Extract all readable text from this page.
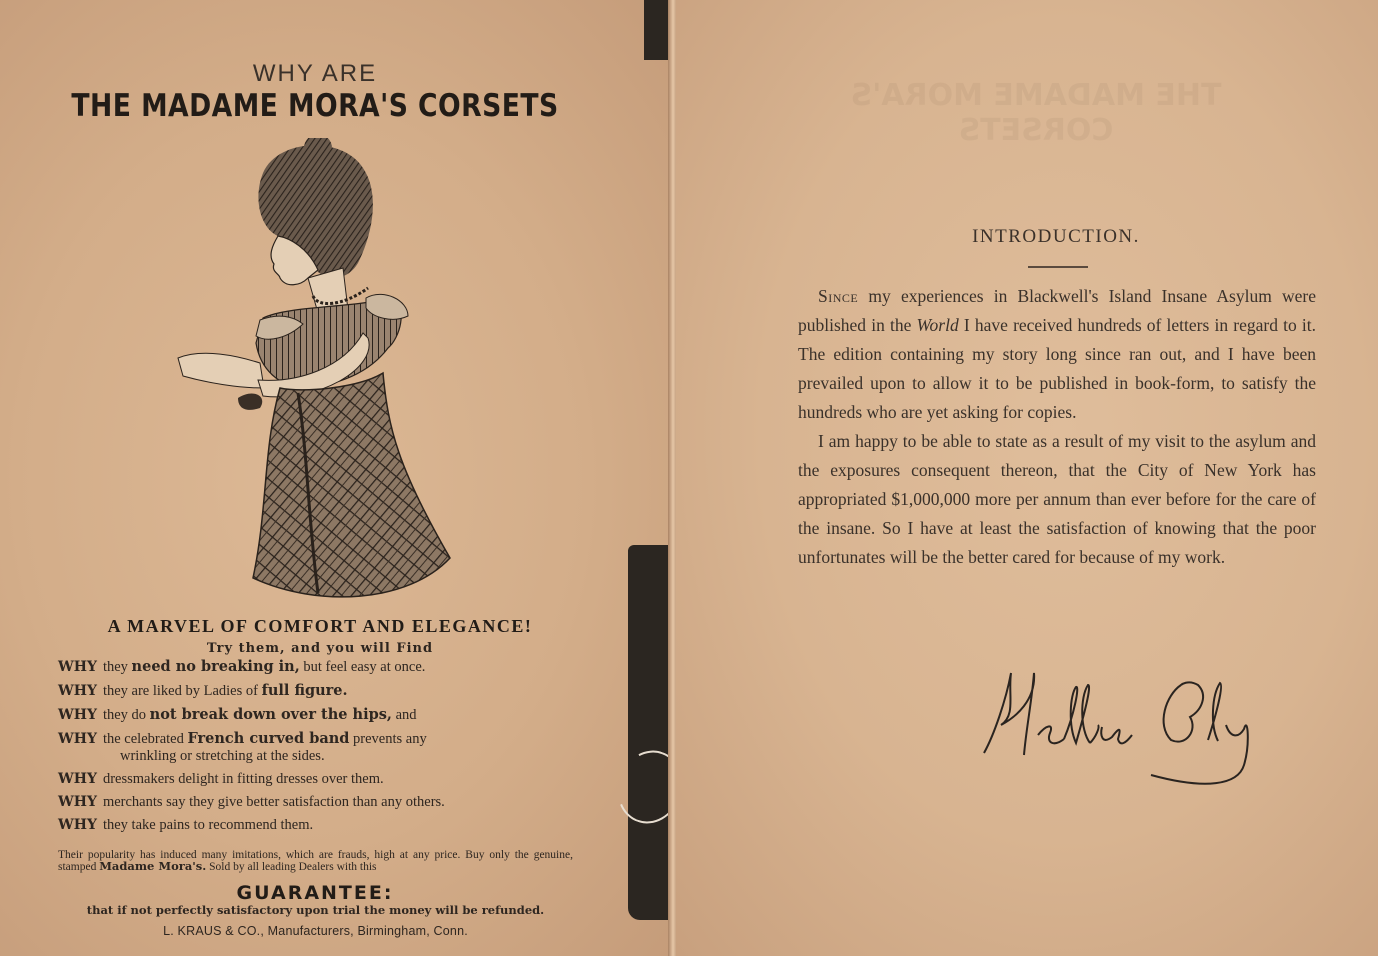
WHY ARE
THE MADAME MORA'S CORSETS
A MARVEL OF COMFORT AND ELEGANCE!
Try them, and you will Find
WHY they need no breaking in, but feel easy at once.
WHY they are liked by Ladies of full figure.
WHY they do not break down over the hips, and
WHY the celebrated French curved band prevents any
wrinkling or stretching at the sides.
WHY dressmakers delight in fitting dresses over them.
WHY merchants say they give better satisfaction than any others.
WHY they take pains to recommend them.
Their popularity has induced many imitations, which are frauds, high at any price. Buy only the genuine, stamped Madame Mora's. Sold by all leading Dealers with this
GUARANTEE:
that if not perfectly satisfactory upon trial the money will be refunded.
L. KRAUS & CO., Manufacturers, Birmingham, Conn.
THE MADAME MORA'S CORSETS
INTRODUCTION.

Since my experiences in Blackwell's Island Insane Asylum were published in the World I have received hundreds of letters in regard to it. The edition containing my story long since ran out, and I have been prevailed upon to allow it to be published in book-form, to satisfy the hundreds who are yet asking for copies.

I am happy to be able to state as a result of my visit to the asylum and the exposures consequent thereon, that the City of New York has appropriated $1,000,000 more per annum than ever before for the care of the insane. So I have at least the satisfaction of knowing that the poor unfortunates will be the better cared for because of my work.
